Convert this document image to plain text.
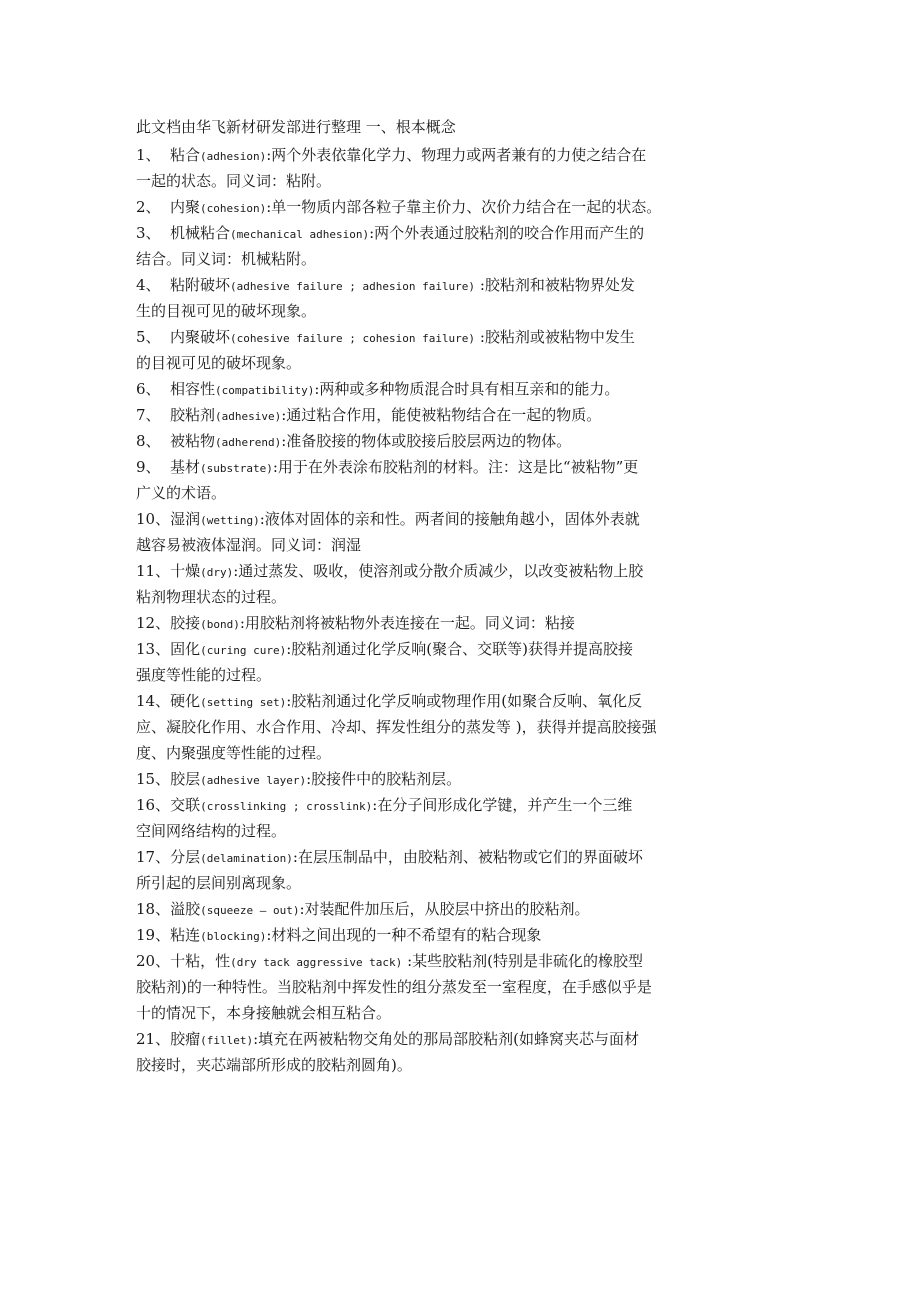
此文档由华飞新材研发部进行整理 一、根本概念
1、 粘合(adhesion):两个外表依靠化学力、物理力或两者兼有的力使之结合在
一起的状态。同义词：粘附。
2、 内聚(cohesion):单一物质内部各粒子靠主价力、次价力结合在一起的状态。
3、 机械粘合(mechanical adhesion):两个外表通过胶粘剂的咬合作用而产生的
结合。同义词：机械粘附。
4、 粘附破坏(adhesive failure ; adhesion failure) :胶粘剂和被粘物界处发
生的目视可见的破坏现象。
5、 内聚破坏(cohesive failure ; cohesion failure) :胶粘剂或被粘物中发生
的目视可见的破坏现象。
6、 相容性(compatibility):两种或多种物质混合时具有相互亲和的能力。
7、 胶粘剂(adhesive):通过粘合作用，能使被粘物结合在一起的物质。
8、 被粘物(adherend):准备胶接的物体或胶接后胶层两边的物体。
9、 基材(substrate):用于在外表涂布胶粘剂的材料。注：这是比“被粘物”更
广义的术语。
10、湿润(wetting):液体对固体的亲和性。两者间的接触角越小，固体外表就
越容易被液体湿润。同义词：润湿
11、十燥(dry):通过蒸发、吸收，使溶剂或分散介质减少，以改变被粘物上胶
粘剂物理状态的过程。
12、胶接(bond):用胶粘剂将被粘物外表连接在一起。同义词：粘接
13、固化(curing cure):胶粘剂通过化学反响(聚合、交联等)获得并提高胶接
强度等性能的过程。
14、硬化(setting set):胶粘剂通过化学反响或物理作用(如聚合反响、氧化反
应、凝胶化作用、水合作用、冷却、挥发性组分的蒸发等 )，获得并提高胶接强
度、内聚强度等性能的过程。
15、胶层(adhesive layer):胶接件中的胶粘剂层。
16、交联(crosslinking ; crosslink):在分子间形成化学键，并产生一个三维
空间网络结构的过程。
17、分层(delamination):在层压制品中，由胶粘剂、被粘物或它们的界面破坏
所引起的层间别离现象。
18、溢胶(squeeze — out):对装配件加压后，从胶层中挤出的胶粘剂。
19、粘连(blocking):材料之间出现的一种不希望有的粘合现象
20、十粘，性(dry tack aggressive tack) :某些胶粘剂(特别是非硫化的橡胶型
胶粘剂)的一种特性。当胶粘剂中挥发性的组分蒸发至一室程度，在手感似乎是
十的情况下，本身接触就会相互粘合。
21、胶瘤(fillet):填充在两被粘物交角处的那局部胶粘剂(如蜂窝夹芯与面材
胶接时，夹芯端部所形成的胶粘剂圆角)。
